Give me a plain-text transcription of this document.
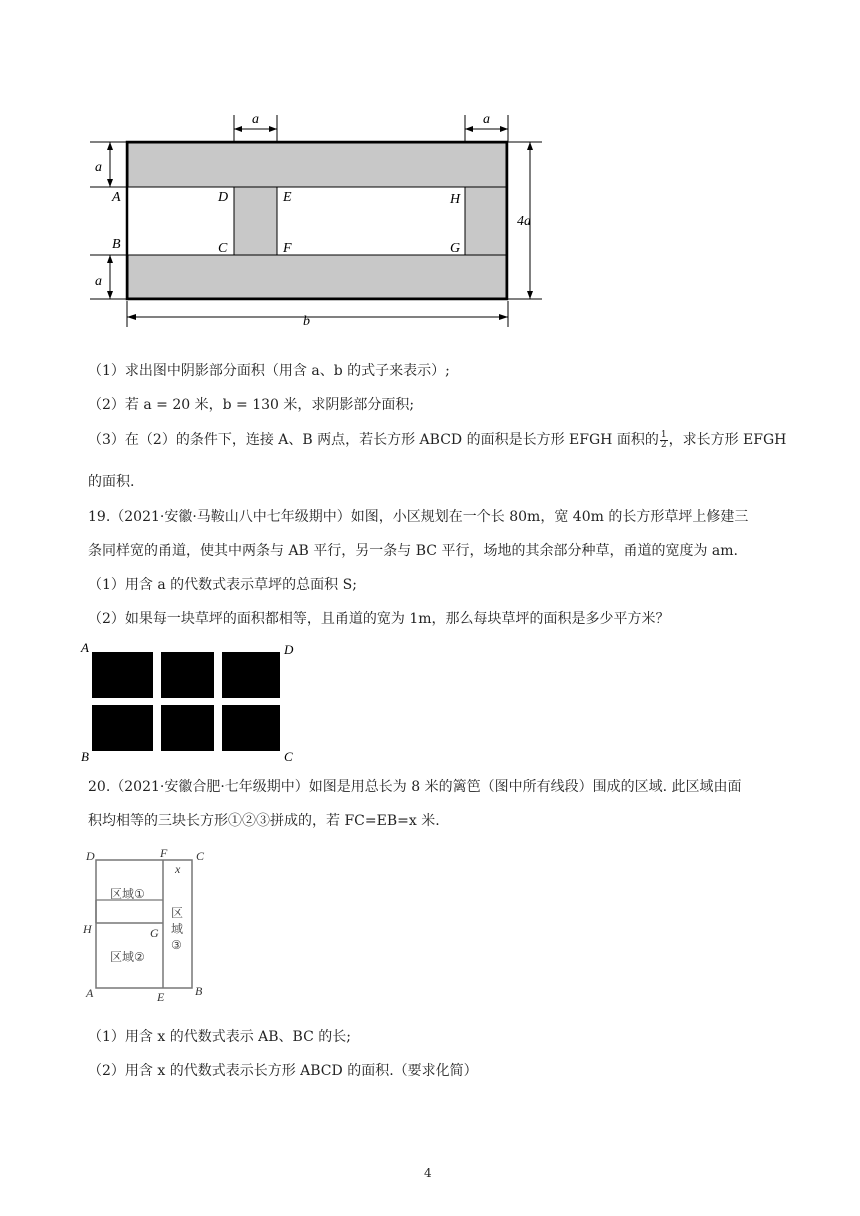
a	a
a
a
4a
b
A
B
D
C
E
F
H
G
（1）求出图中阴影部分面积（用含 a、b 的式子来表示）;
（2）若 a = 20 米，b = 130 米，求阴影部分面积;
（3）在（2）的条件下，连接 A、B 两点，若长方形 ABCD 的面积是长方形 EFGH 面积的 $\frac{1}{2}$ ，求长方形 EFGH
的面积.
19.（2021·安徽·马鞍山八中七年级期中）如图，小区规划在一个长 80m，宽 40m 的长方形草坪上修建三
条同样宽的甬道，使其中两条与 AB 平行，另一条与 BC 平行，场地的其余部分种草，甬道的宽度为 am.
（1）用含 a 的代数式表示草坪的总面积 S;
（2）如果每一块草坪的面积都相等，且甬道的宽为 1m，那么每块草坪的面积是多少平方米？
A	D
B	C
20.（2021·安徽合肥·七年级期中）如图是用总长为 8 米的篱笆（图中所有线段）围成的区域. 此区域由面
积均相等的三块长方形①②③拼成的，若 FC=EB=x 米.
D	F C
x
H	G
A	E	B
区域①
区域②
区
域
③
（1）用含 x 的代数式表示 AB、BC 的长;
（2）用含 x 的代数式表示长方形 ABCD 的面积.（要求化简）
4
